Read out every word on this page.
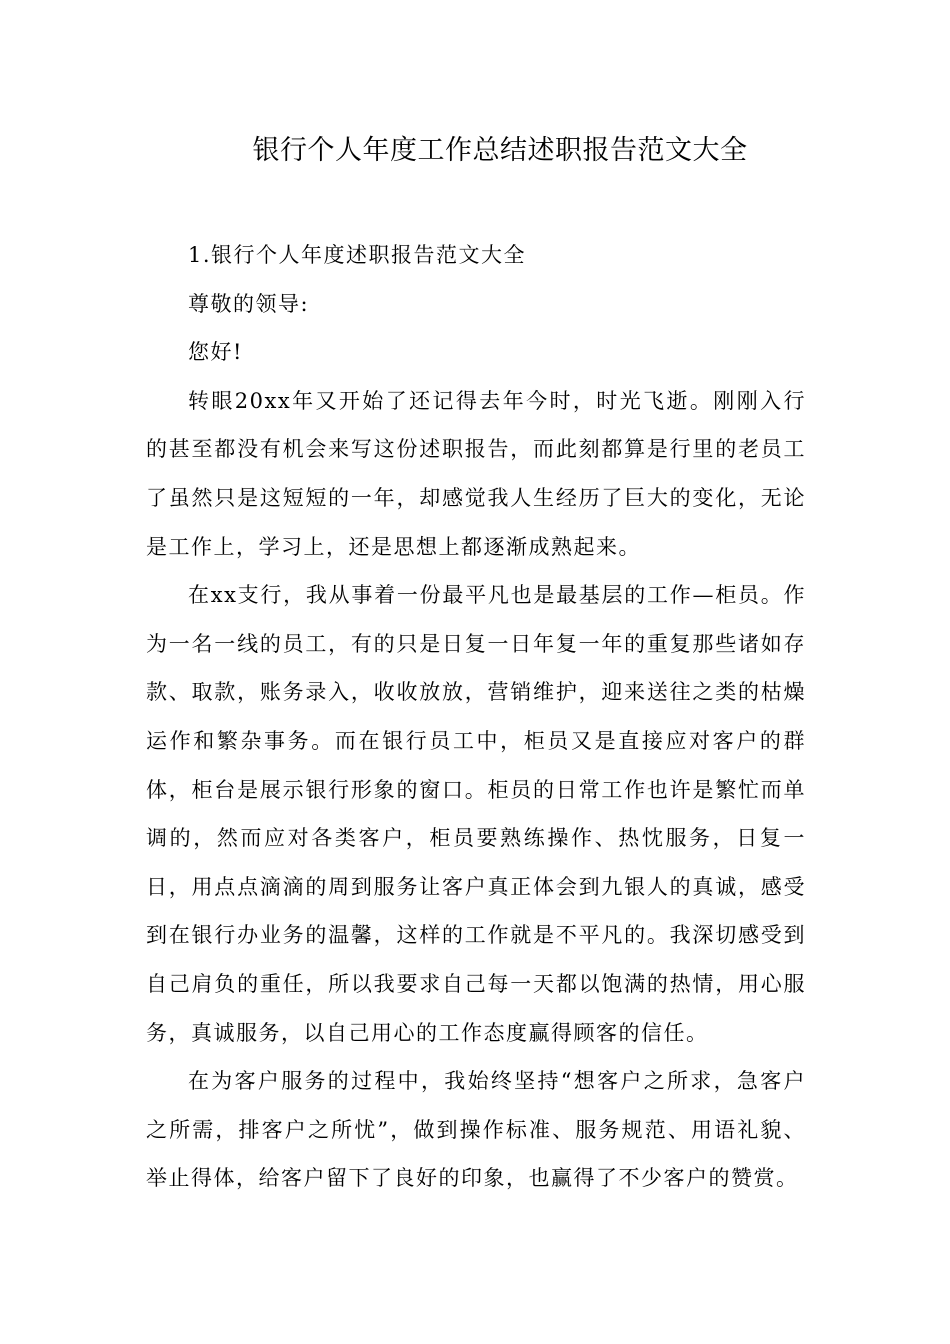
银行个人年度工作总结述职报告范文大全

1.银行个人年度述职报告范文大全

尊敬的领导:

您好!

转眼20xx年又开始了还记得去年今时，时光飞逝。刚刚入行的甚至都没有机会来写这份述职报告，而此刻都算是行里的老员工了虽然只是这短短的一年，却感觉我人生经历了巨大的变化，无论是工作上，学习上，还是思想上都逐渐成熟起来。

在xx支行，我从事着一份最平凡也是最基层的工作—柜员。作为一名一线的员工，有的只是日复一日年复一年的重复那些诸如存款、取款，账务录入，收收放放，营销维护，迎来送往之类的枯燥运作和繁杂事务。而在银行员工中，柜员又是直接应对客户的群体，柜台是展示银行形象的窗口。柜员的日常工作也许是繁忙而单调的，然而应对各类客户，柜员要熟练操作、热忱服务，日复一日，用点点滴滴的周到服务让客户真正体会到九银人的真诚，感受到在银行办业务的温馨，这样的工作就是不平凡的。我深切感受到自己肩负的重任，所以我要求自己每一天都以饱满的热情，用心服务，真诚服务，以自己用心的工作态度赢得顾客的信任。

在为客户服务的过程中，我始终坚持“想客户之所求，急客户之所需，排客户之所忧”，做到操作标准、服务规范、用语礼貌、举止得体，给客户留下了良好的印象，也赢得了不少客户的赞赏。
